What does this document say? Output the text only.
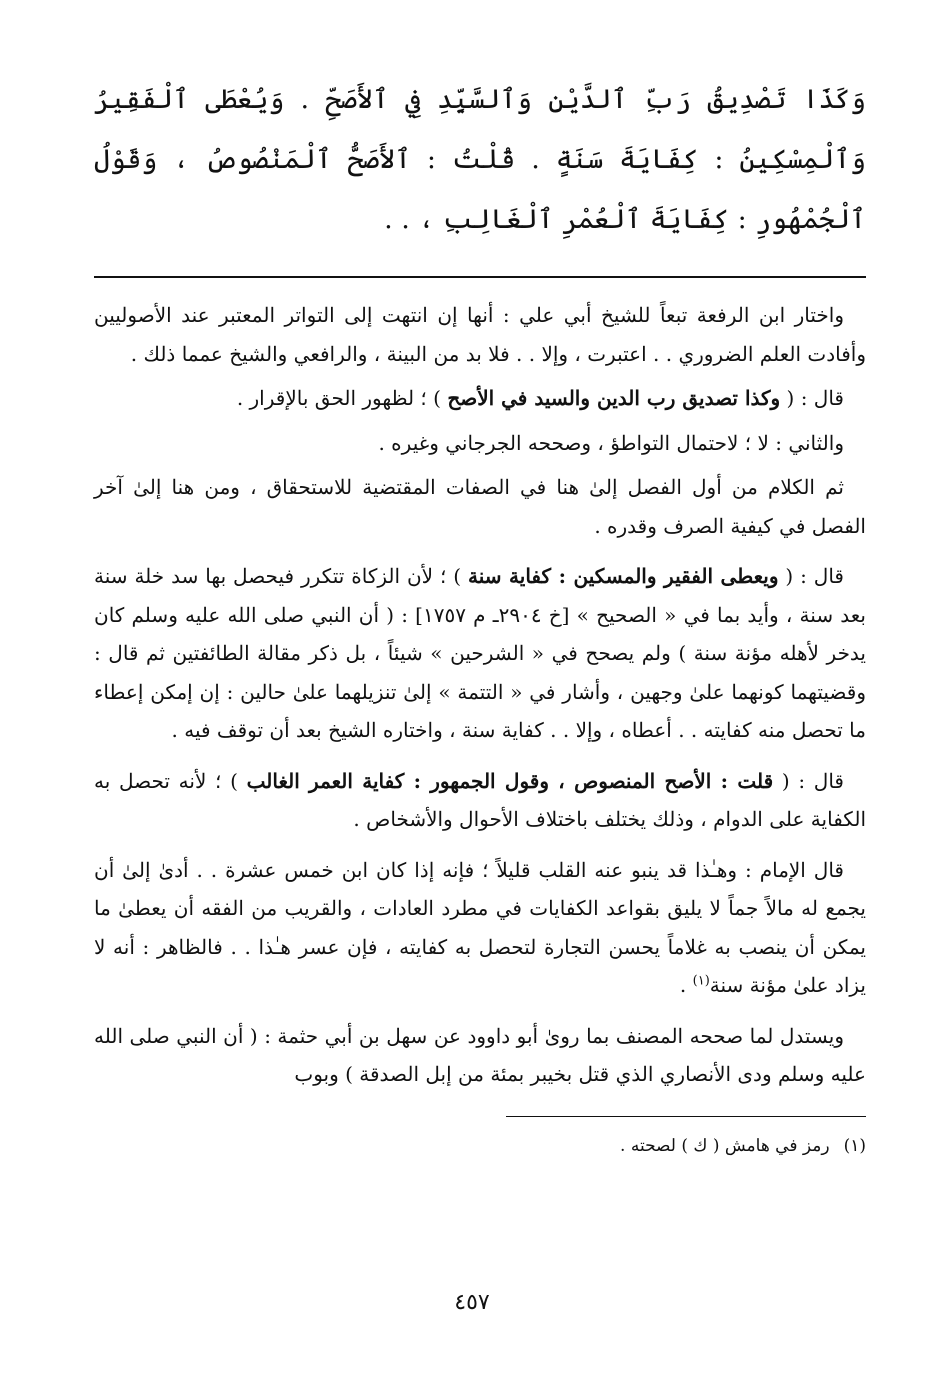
وَكَذَا تَصْدِيقُ رَبِّ ٱلدَّيْنِ وَٱلسَّيِّدِ فِي ٱلأَصَحِّ . وَيُعْطَى ٱلْفَقِيرُ وَٱلْمِسْكِينُ : كِفَايَةَ سَنَةٍ . قُلْتُ : ٱلأَصَحُّ ٱلْمَنْصُوصُ ، وَقَوْلُ ٱلْجُمْهُورِ : كِفَايَةَ ٱلْعُمْرِ ٱلْغَالِبِ ، . .

واختار ابن الرفعة تبعاً للشيخ أبي علي : أنها إن انتهت إلى التواتر المعتبر عند الأصوليين وأفادت العلم الضروري . . اعتبرت ، وإلا . . فلا بد من البينة ، والرافعي والشيخ عمما ذلك .

قال : ( وكذا تصديق رب الدين والسيد في الأصح ) ؛ لظهور الحق بالإقرار .

والثاني : لا ؛ لاحتمال التواطؤ ، وصححه الجرجاني وغيره .

ثم الكلام من أول الفصل إلىٰ هنا في الصفات المقتضية للاستحقاق ، ومن هنا إلىٰ آخر الفصل في كيفية الصرف وقدره .

قال : ( ويعطى الفقير والمسكين : كفاية سنة ) ؛ لأن الزكاة تتكرر فيحصل بها سد خلة سنة بعد سنة ، وأيد بما في « الصحيح » [خ ٢٩٠٤ـ م ١٧٥٧] : ( أن النبي صلى الله عليه وسلم كان يدخر لأهله مؤنة سنة ) ولم يصحح في « الشرحين » شيئاً ، بل ذكر مقالة الطائفتين ثم قال : وقضيتهما كونهما علىٰ وجهين ، وأشار في « التتمة » إلىٰ تنزيلهما علىٰ حالين : إن إمكن إعطاء ما تحصل منه كفايته . . أعطاه ، وإلا . . كفاية سنة ، واختاره الشيخ بعد أن توقف فيه .

قال : ( قلت : الأصح المنصوص ، وقول الجمهور : كفاية العمر الغالب ) ؛ لأنه تحصل به الكفاية على الدوام ، وذلك يختلف باختلاف الأحوال والأشخاص .

قال الإمام : وهـٰذا قد ينبو عنه القلب قليلاً ؛ فإنه إذا كان ابن خمس عشرة . . أدىٰ إلىٰ أن يجمع له مالاً جماً لا يليق بقواعد الكفايات في مطرد العادات ، والقريب من الفقه أن يعطىٰ ما يمكن أن ينصب به غلاماً يحسن التجارة لتحصل به كفايته ، فإن عسر هـٰذا . . فالظاهر : أنه لا يزاد علىٰ مؤنة سنة$^{(١)}$ .

ويستدل لما صححه المصنف بما روىٰ أبو داوود عن سهل بن أبي حثمة : ( أن النبي صلى الله عليه وسلم ودى الأنصاري الذي قتل بخيبر بمئة من إبل الصدقة ) وبوب

(١)رمز في هامش ( ك ) لصحته .

٤٥٧
